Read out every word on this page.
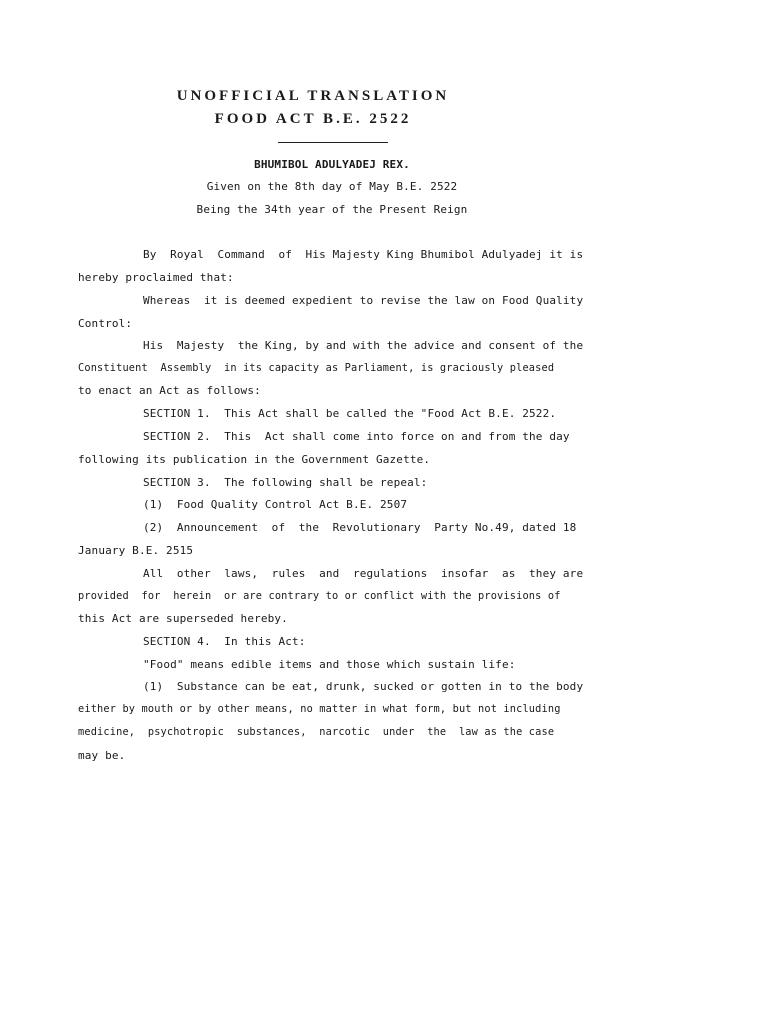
UNOFFICIAL TRANSLATION
FOOD ACT B.E. 2522
BHUMIBOL ADULYADEJ REX.
Given on the 8th day of May B.E. 2522
Being the 34th year of the Present Reign
By  Royal  Command  of  His Majesty King Bhumibol Adulyadej it is
hereby proclaimed that:
Whereas  it is deemed expedient to revise the law on Food Quality
Control:
His  Majesty  the King, by and with the advice and consent of the
Constituent  Assembly  in its capacity as Parliament, is graciously pleased
to enact an Act as follows:
SECTION 1.  This Act shall be called the "Food Act B.E. 2522.
SECTION 2.  This  Act shall come into force on and from the day
following its publication in the Government Gazette.
SECTION 3.  The following shall be repeal:
(1)  Food Quality Control Act B.E. 2507
(2)  Announcement  of  the  Revolutionary  Party No.49, dated 18
January B.E. 2515
All  other  laws,  rules  and  regulations  insofar  as  they are
provided  for  herein  or are contrary to or conflict with the provisions of
this Act are superseded hereby.
SECTION 4.  In this Act:
"Food" means edible items and those which sustain life:
(1)  Substance can be eat, drunk, sucked or gotten in to the body
either by mouth or by other means, no matter in what form, but not including
medicine,  psychotropic  substances,  narcotic  under  the  law as the case
may be.
